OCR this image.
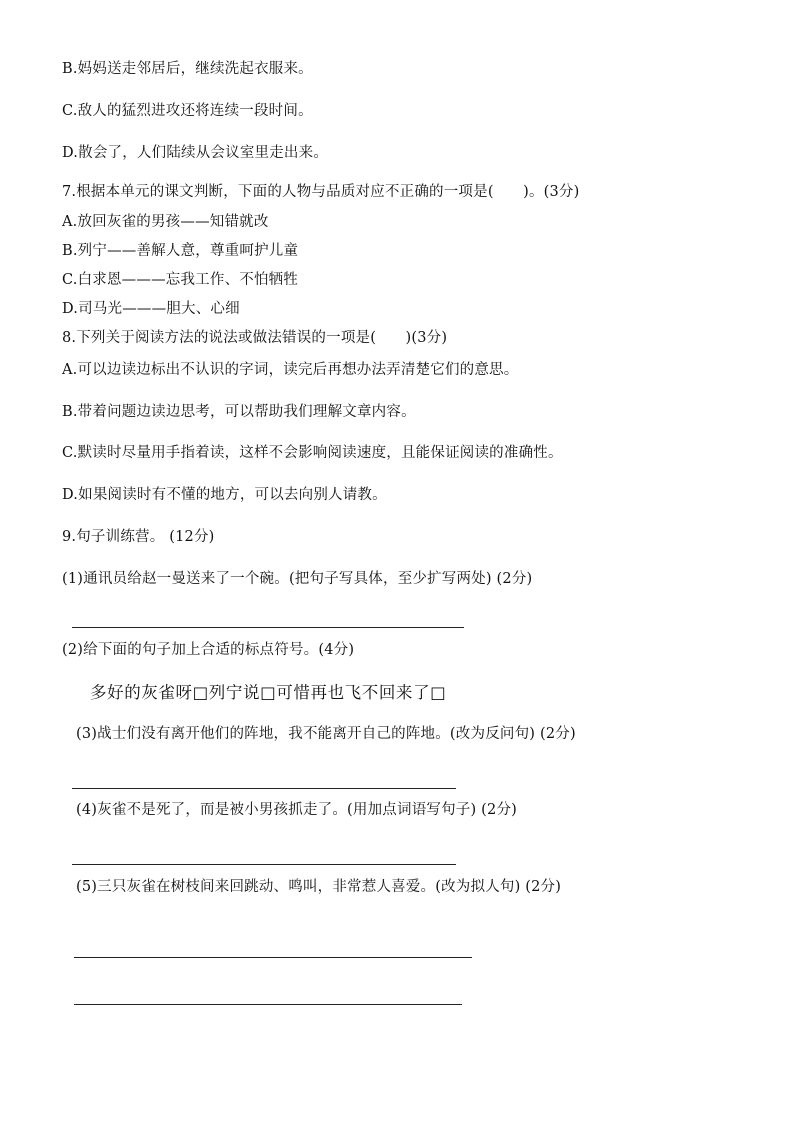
B.妈妈送走邻居后，继续洗起衣服来。
C.敌人的猛烈进攻还将连续一段时间。
D.散会了，人们陆续从会议室里走出来。
7.根据本单元的课文判断，下面的人物与品质对应不正确的一项是(　　)。(3分)
A.放回灰雀的男孩——知错就改
B.列宁——善解人意，尊重呵护儿童
C.白求恩———忘我工作、不怕牺牲
D.司马光———胆大、心细
8.下列关于阅读方法的说法或做法错误的一项是(　　)(3分)
A.可以边读边标出不认识的字词，读完后再想办法弄清楚它们的意思。
B.带着问题边读边思考，可以帮助我们理解文章内容。
C.默读时尽量用手指着读，这样不会影响阅读速度，且能保证阅读的准确性。
D.如果阅读时有不懂的地方，可以去向别人请教。
9.句子训练营。 (12分)
(1)通讯员给赵一曼送来了一个碗。(把句子写具体，至少扩写两处) (2分)
(2)给下面的句子加上合适的标点符号。(4分)
多好的灰雀呀□列宁说□可惜再也飞不回来了□
(3)战士们没有离开他们的阵地，我不能离开自己的阵地。(改为反问句) (2分)
(4)灰雀不是死了，而是被小男孩抓走了。(用加点词语写句子) (2分)
(5)三只灰雀在树枝间来回跳动、鸣叫，非常惹人喜爱。(改为拟人句) (2分)
